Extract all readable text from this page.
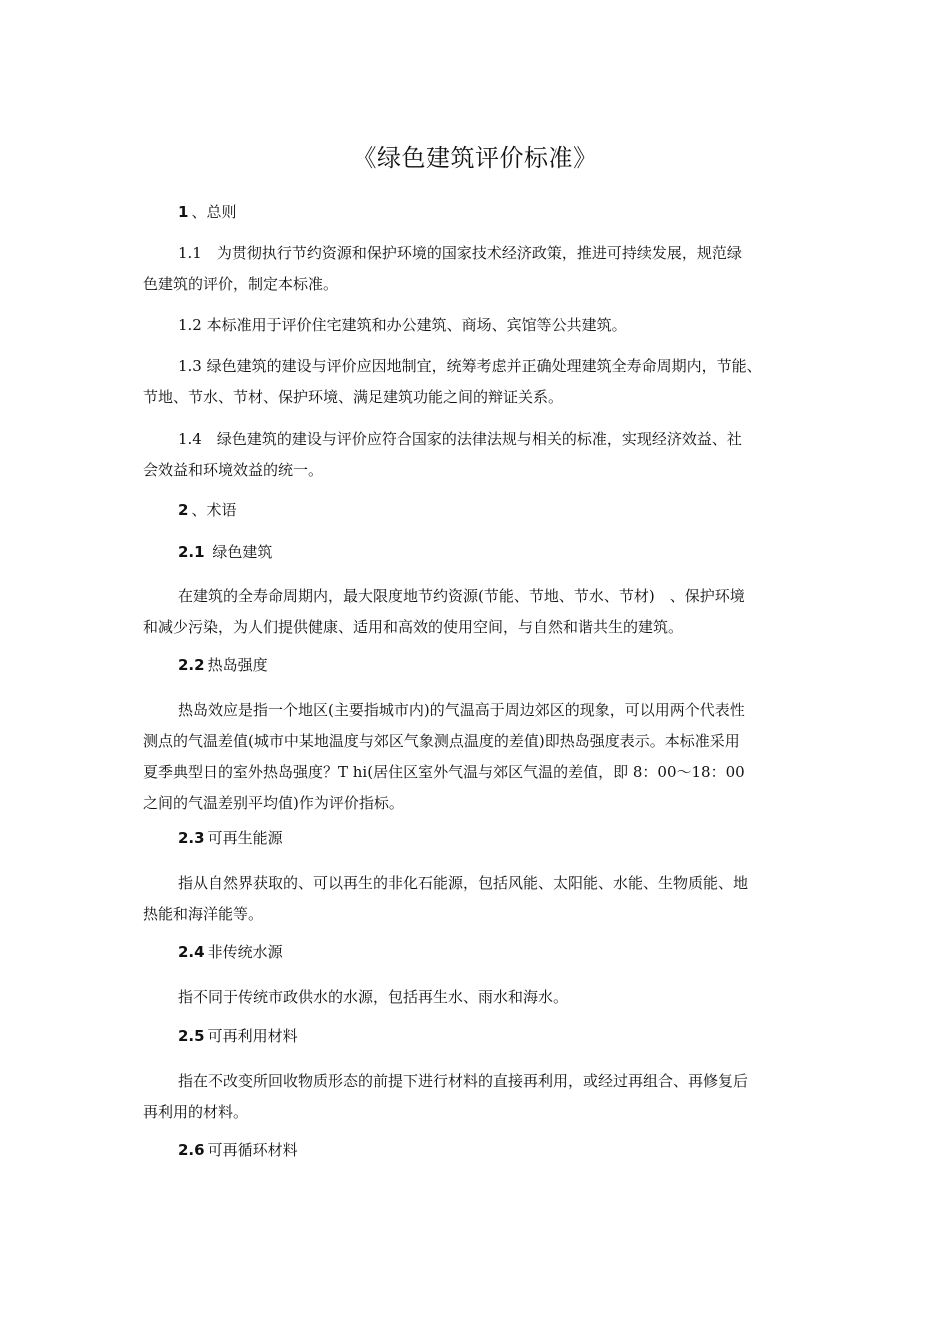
《绿色建筑评价标准》

1 、总则

1.1　为贯彻执行节约资源和保护环境的国家技术经济政策，推进可持续发展，规范绿
色建筑的评价，制定本标准。
1.2 本标准用于评价住宅建筑和办公建筑、商场、宾馆等公共建筑。
1.3 绿色建筑的建设与评价应因地制宜，统筹考虑并正确处理建筑全寿命周期内，节能、
节地、节水、节材、保护环境、满足建筑功能之间的辩证关系。
1.4　绿色建筑的建设与评价应符合国家的法律法规与相关的标准，实现经济效益、社
会效益和环境效益的统一。

2 、术语

2.1 绿色建筑

在建筑的全寿命周期内，最大限度地节约资源(节能、节地、节水、节材)　、保护环境
和减少污染，为人们提供健康、适用和高效的使用空间，与自然和谐共生的建筑。

2.2 热岛强度

热岛效应是指一个地区(主要指城市内)的气温高于周边郊区的现象，可以用两个代表性
测点的气温差值(城市中某地温度与郊区气象测点温度的差值)即热岛强度表示。本标准采用
夏季典型日的室外热岛强度？T hi(居住区室外气温与郊区气温的差值，即 8：00～18：00
之间的气温差别平均值)作为评价指标。

2.3 可再生能源

指从自然界获取的、可以再生的非化石能源，包括风能、太阳能、水能、生物质能、地
热能和海洋能等。

2.4 非传统水源

指不同于传统市政供水的水源，包括再生水、雨水和海水。

2.5 可再利用材料

指在不改变所回收物质形态的前提下进行材料的直接再利用，或经过再组合、再修复后
再利用的材料。

2.6 可再循环材料
